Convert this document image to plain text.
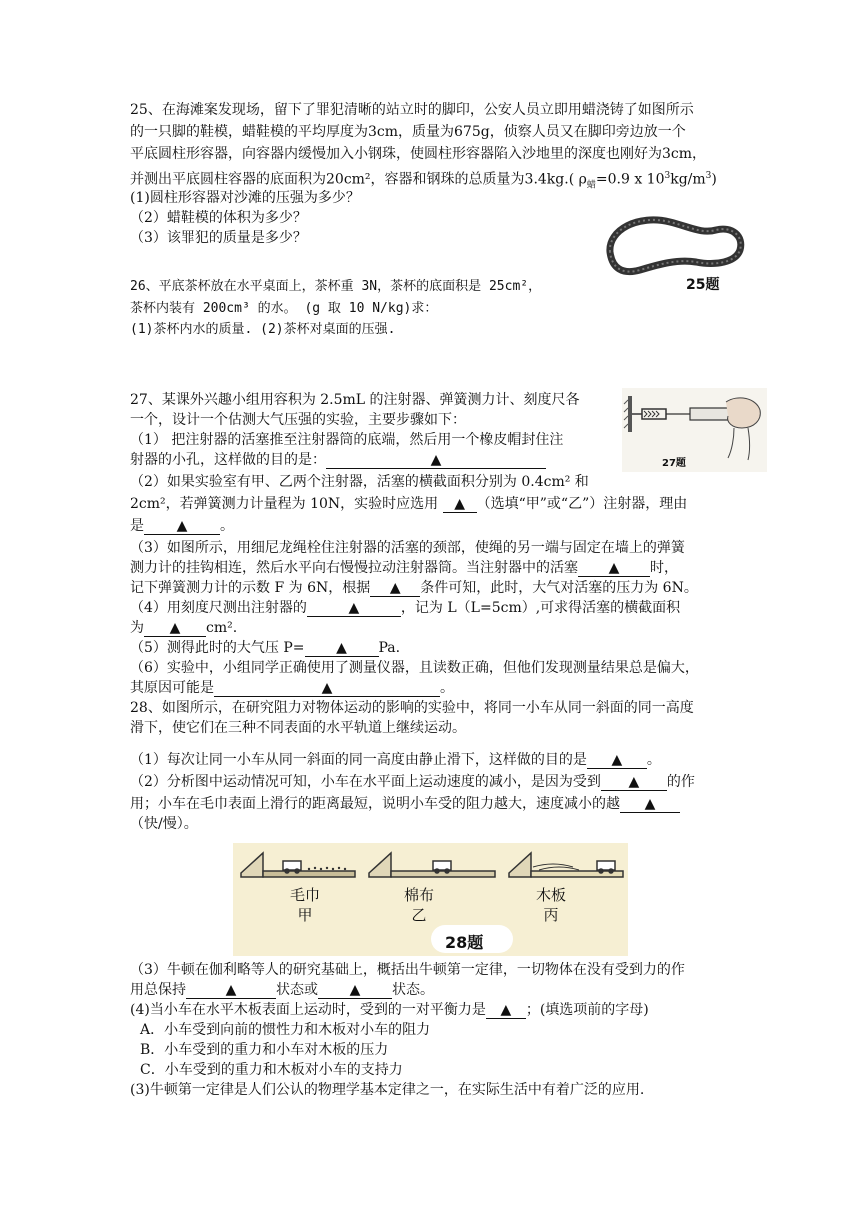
25、在海滩案发现场，留下了罪犯清晰的站立时的脚印，公安人员立即用蜡浇铸了如图所示
的一只脚的鞋模，蜡鞋模的平均厚度为3cm，质量为675g，侦察人员又在脚印旁边放一个
平底圆柱形容器，向容器内缓慢加入小钢珠，使圆柱形容器陷入沙地里的深度也刚好为3cm，
并测出平底圆柱容器的底面积为20cm²，容器和钢珠的总质量为3.4kg.( $\rho_蜡=0.9$ x $10^3kg/m^3$)
(1)圆柱形容器对沙滩的压强为多少？
（2）蜡鞋模的体积为多少？
（3）该罪犯的质量是多少？
25题
26、平底茶杯放在水平桌面上，茶杯重 3N，茶杯的底面积是 25cm²，
茶杯内装有 200cm³ 的水。 (g 取 10 N/kg)求：
(1)茶杯内水的质量. (2)茶杯对桌面的压强.
27、某课外兴趣小组用容积为 2.5mL 的注射器、弹簧测力计、刻度尺各
一个，设计一个估测大气压强的实验，主要步骤如下：
（1） 把注射器的活塞推至注射器筒的底端，然后用一个橡皮帽封住注
射器的小孔，这样做的目的是：	▲
（2）如果实验室有甲、乙两个注射器，活塞的横截面积分别为 0.4cm² 和
2cm²，若弹簧测力计量程为 10N，实验时应选用 ▲ （选填“甲”或“乙”）注射器，理由
是 ▲ 。
（3）如图所示，用细尼龙绳栓住注射器的活塞的颈部，使绳的另一端与固定在墙上的弹簧
测力计的挂钩相连，然后水平向右慢慢拉动注射器筒。当注射器中的活塞 ▲ 时，
记下弹簧测力计的示数 F 为 6N，根据 ▲ 条件可知，此时，大气对活塞的压力为 6N。
（4）用刻度尺测出注射器的	▲	，记为 L（L=5cm）,可求得活塞的横截面积
为 ▲ cm².
（5）测得此时的大气压 P= ▲ Pa.
（6）实验中，小组同学正确使用了测量仪器，且读数正确，但他们发现测量结果总是偏大，
其原因可能是	▲	。
27题
28、如图所示，在研究阻力对物体运动的影响的实验中，将同一小车从同一斜面的同一高度
滑下，使它们在三种不同表面的水平轨道上继续运动。
（1）每次让同一小车从同一斜面的同一高度由静止滑下，这样做的目的是 ▲ 。
（2）分析图中运动情况可知，小车在水平面上运动速度的减小，是因为受到 ▲ 的作
用；小车在毛巾表面上滑行的距离最短，说明小车受的阻力越大，速度减小的越 ▲
（快/慢）。
毛巾
甲
棉布
乙
木板
丙
28题
（3）牛顿在伽利略等人的研究基础上，概括出牛顿第一定律，一切物体在没有受到力的作
用总保持	▲	状态或 ▲ 状态。
(4)当小车在水平木板表面上运动时，受到的一对平衡力是 ▲ ；(填选项前的字母)
A．小车受到向前的惯性力和木板对小车的阻力
B．小车受到的重力和小车对木板的压力
C．小车受到的重力和木板对小车的支持力
(3)牛顿第一定律是人们公认的物理学基本定律之一，在实际生活中有着广泛的应用.
